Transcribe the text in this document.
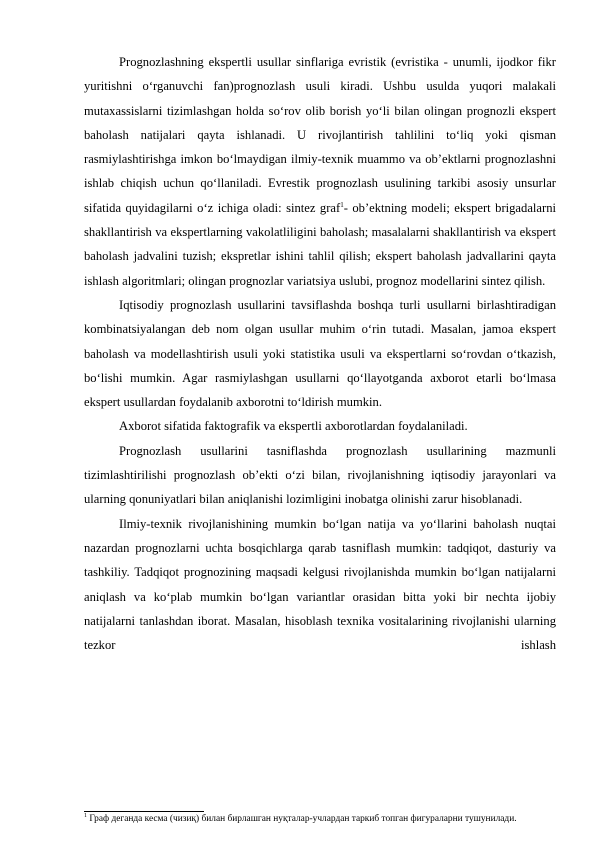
Prognozlashning ekspertli usullar sinflariga evristik (evristika - unumli, ijodkor fikr yuritishni o‘rganuvchi fan)prognozlash usuli kiradi. Ushbu usulda yuqori malakali mutaxassislarni tizimlashgan holda so‘rov olib borish yo‘li bilan olingan prognozli ekspert baholash natijalari qayta ishlanadi. U rivojlantirish tahlilini to‘liq yoki qisman rasmiylashtirishga imkon bo‘lmaydigan ilmiy-texnik muammo va ob’ektlarni prognozlashni ishlab chiqish uchun qo‘llaniladi. Evrestik prognozlash usulining tarkibi asosiy unsurlar sifatida quyidagilarni o‘z ichiga oladi: sintez graf$^1$- ob’ektning modeli; ekspert brigadalarni shakllantirish va ekspertlarning vakolatliligini baholash; masalalarni shakllantirish va ekspert baholash jadvalini tuzish; ekspretlar ishini tahlil qilish; ekspert baholash jadvallarini qayta ishlash algoritmlari; olingan prognozlar variatsiya uslubi, prognoz modellarini sintez qilish.

Iqtisodiy prognozlash usullarini tavsiflashda boshqa turli usullarni birlashtiradigan kombinatsiyalangan deb nom olgan usullar muhim o‘rin tutadi. Masalan, jamoa ekspert baholash va modellashtirish usuli yoki statistika usuli va ekspertlarni so‘rovdan o‘tkazish, bo‘lishi mumkin. Agar rasmiylashgan usullarni qo‘llayotganda axborot etarli bo‘lmasa ekspert usullardan foydalanib axborotni to‘ldirish mumkin.

Axborot sifatida faktografik va ekspertli axborotlardan foydalaniladi.

Prognozlash usullarini tasniflashda prognozlash usullarining mazmunli tizimlashtirilishi prognozlash ob’ekti o‘zi bilan, rivojlanishning iqtisodiy jarayonlari va ularning qonuniyatlari bilan aniqlanishi lozimligini inobatga olinishi zarur hisoblanadi.

Ilmiy-texnik rivojlanishining mumkin bo‘lgan natija va yo‘llarini baholash nuqtai nazardan prognozlarni uchta bosqichlarga qarab tasniflash mumkin: tadqiqot, dasturiy va tashkiliy. Tadqiqot prognozining maqsadi kelgusi rivojlanishda mumkin bo‘lgan natijalarni aniqlash va ko‘plab mumkin bo‘lgan variantlar orasidan bitta yoki bir nechta ijobiy natijalarni tanlashdan iborat. Masalan, hisoblash texnika vositalarining rivojlanishi ularning tezkor ishlash

$^1$ Граф деганда кесма (чизиқ) билан бирлашган нуқталар-учлардан таркиб топган фигураларни тушунилади.
